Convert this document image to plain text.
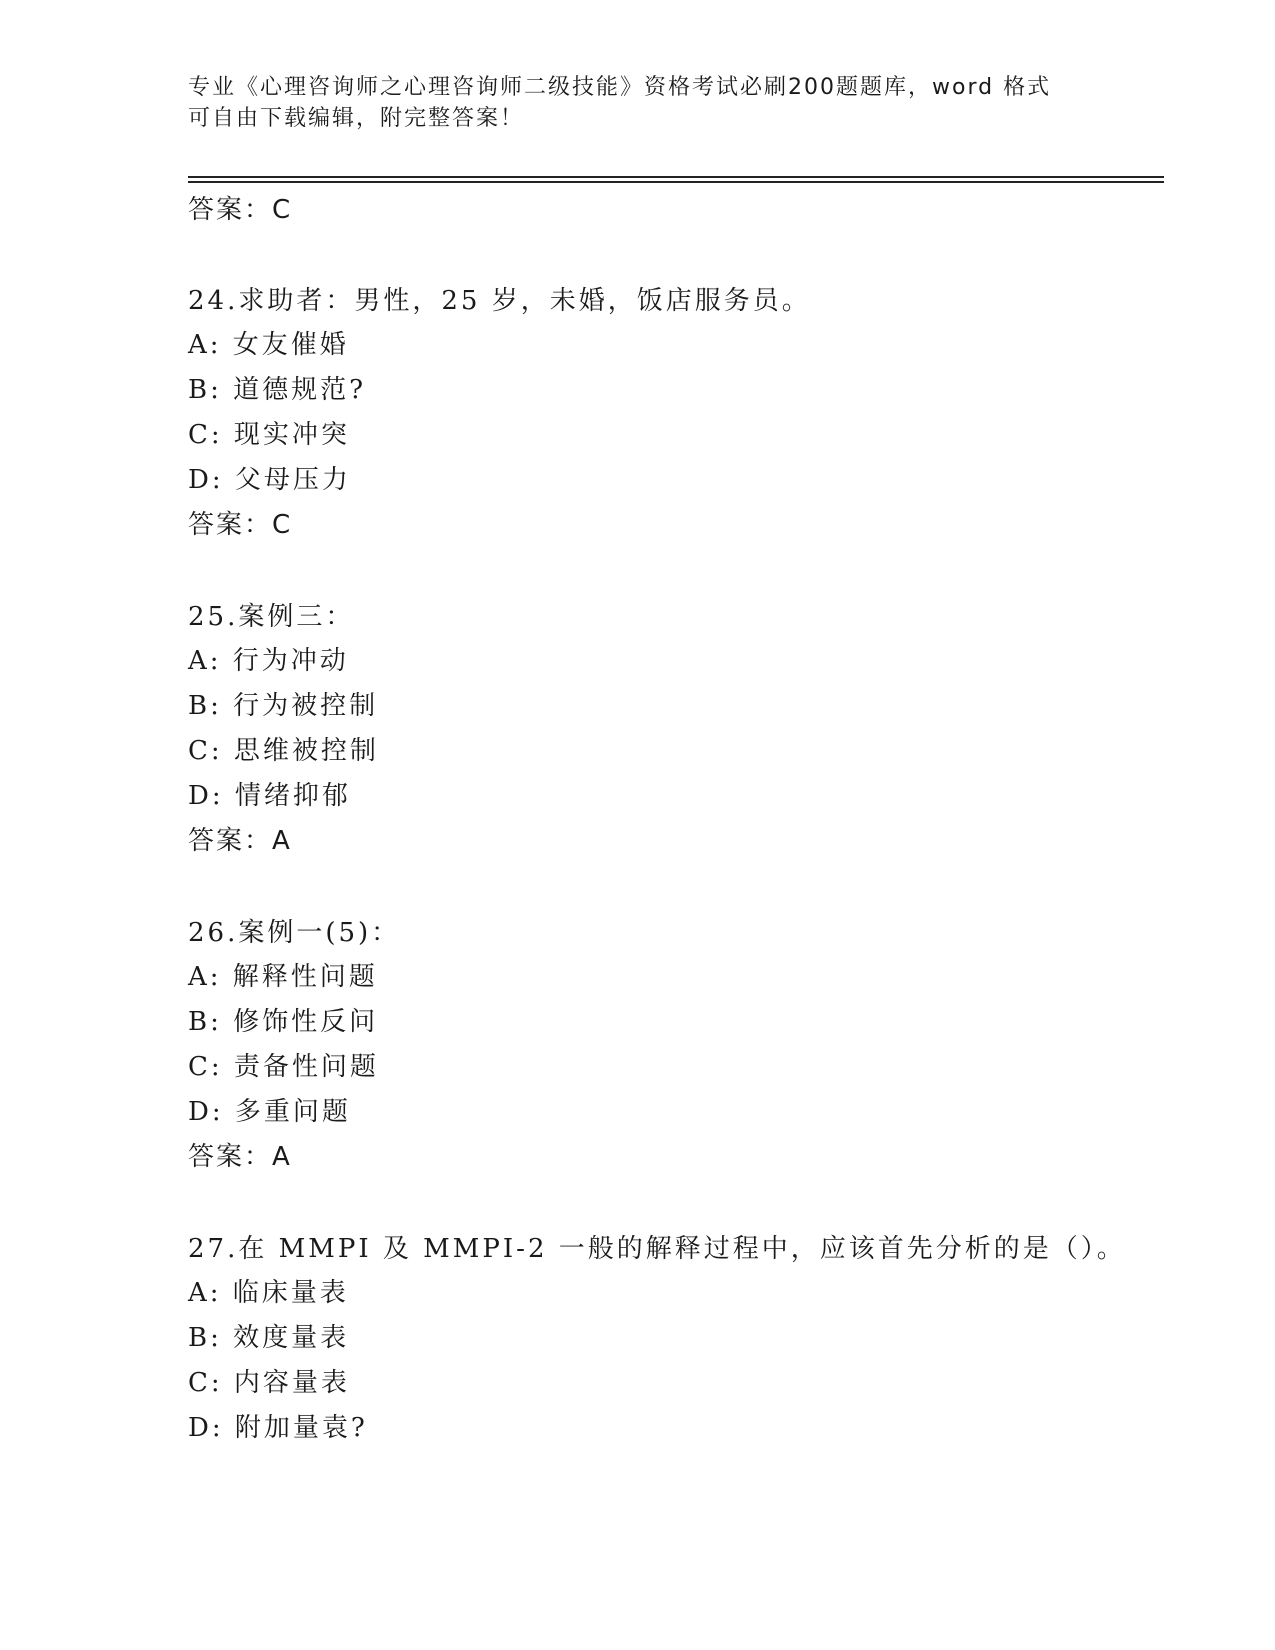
专业《心理咨询师之心理咨询师二级技能》资格考试必刷200题题库，word 格式
可自由下载编辑，附完整答案！
答案：C
24.求助者：男性，25 岁，未婚，饭店服务员。
A: 女友催婚
B: 道德规范?
C: 现实冲突
D: 父母压力
答案：C
25.案例三：
A: 行为冲动
B: 行为被控制
C: 思维被控制
D: 情绪抑郁
答案：A
26.案例一(5)：
A: 解释性问题
B: 修饰性反问
C: 责备性问题
D: 多重问题
答案：A
27.在 MMPI 及 MMPI-2 一般的解释过程中，应该首先分析的是（）。
A: 临床量表
B: 效度量表
C: 内容量表
D: 附加量袁?
